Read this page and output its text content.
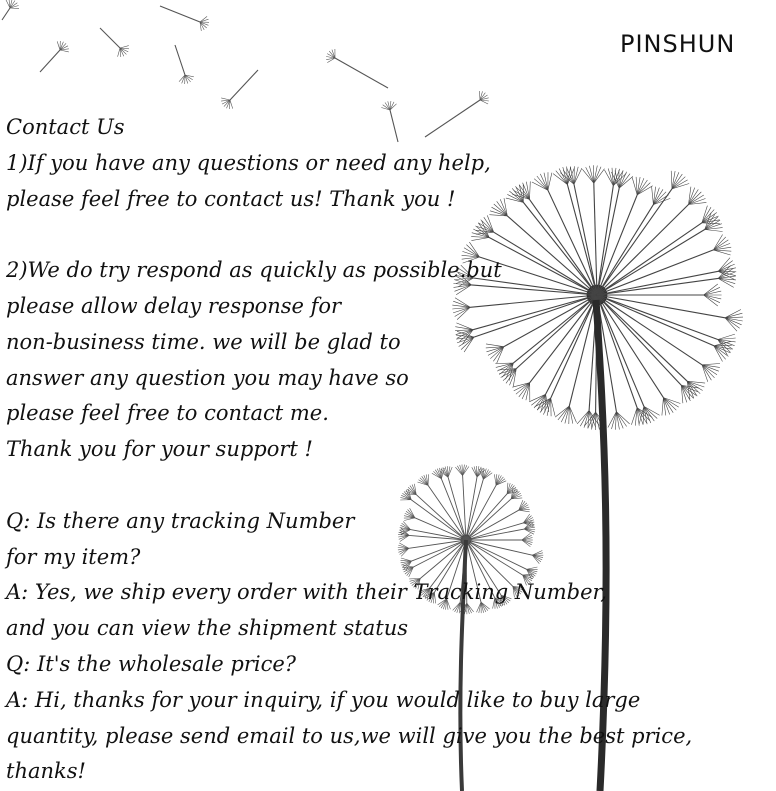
PINSHUN

Contact Us

1)If you have any questions or need any help,

please feel free to contact us! Thank you !

2)We do try respond as quickly as possible.but

please allow delay response for

non-business time. we will be glad to

answer any question you may have so

please feel free to contact me.

Thank you for your support !

Q: Is there any tracking Number

for my item?

A: Yes, we ship every order with their Tracking Number,

and you can view the shipment status

Q: It's the wholesale price?

A: Hi, thanks for your inquiry, if you would like to buy large

quantity, please send email to us,we will give you the best price,

thanks!
